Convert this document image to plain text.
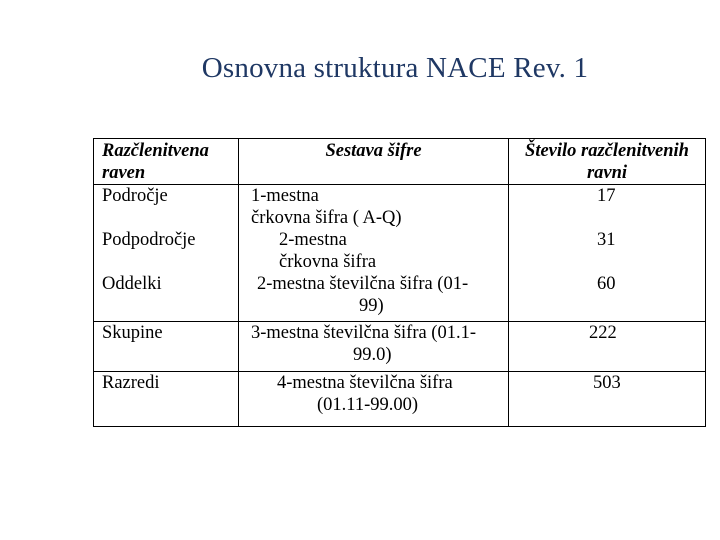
Osnovna struktura NACE Rev. 1
Razčlenitvena
raven	Sestava šifre	Število razčlenitvenih
ravni
Področje	1-mestnačrkovna šifra ( A-Q)	17
Podpodročje	2-mestnačrkovna šifra	31
Oddelki	2-mestna številčna šifra (01-
99)	60
Skupine	3-mestna številčna šifra (01.1-
99.0)	222
Razredi	4-mestna številčna šifra
(01.11-99.00)	503
